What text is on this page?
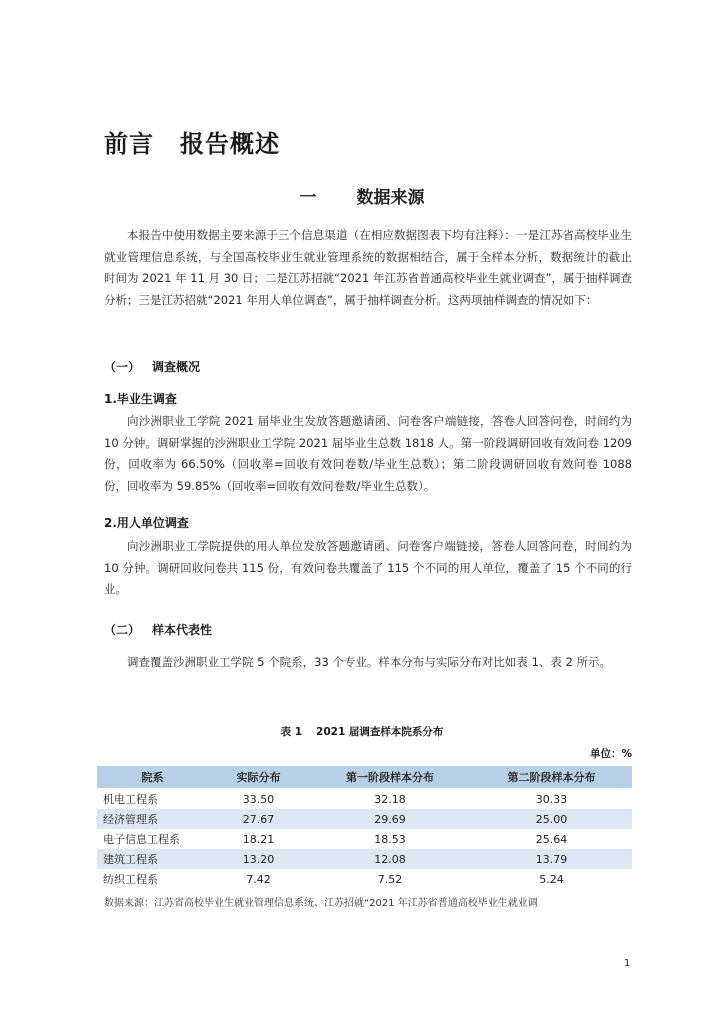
前言 报告概述
一 数据来源

本报告中使用数据主要来源于三个信息渠道（在相应数据图表下均有注释）：一是江苏省高校毕业生就业管理信息系统，与全国高校毕业生就业管理系统的数据相结合，属于全样本分析，数据统计的截止时间为 2021 年 11 月 30 日；二是江苏招就“2021 年江苏省普通高校毕业生就业调查”，属于抽样调查分析；三是江苏招就“2021 年用人单位调查”，属于抽样调查分析。这两项抽样调查的情况如下：

（一） 调查概况

1.毕业生调查

向沙洲职业工学院 2021 届毕业生发放答题邀请函、问卷客户端链接，答卷人回答问卷，时间约为 10 分钟。调研掌握的沙洲职业工学院 2021 届毕业生总数 1818 人。第一阶段调研回收有效问卷 1209 份，回收率为 66.50%（回收率=回收有效问卷数/毕业生总数）；第二阶段调研回收有效问卷 1088 份，回收率为 59.85%（回收率=回收有效问卷数/毕业生总数）。

2.用人单位调查

向沙洲职业工学院提供的用人单位发放答题邀请函、问卷客户端链接，答卷人回答问卷，时间约为 10 分钟。调研回收问卷共 115 份，有效问卷共覆盖了 115 个不同的用人单位，覆盖了 15 个不同的行业。

（二） 样本代表性

调查覆盖沙洲职业工学院 5 个院系，33 个专业。样本分布与实际分布对比如表 1、表 2 所示。

表 1 2021 届调查样本院系分布

单位：%

院系	实际分布	第一阶段样本分布	第二阶段样本分布
机电工程系	33.50	32.18	30.33
经济管理系	27.67	29.69	25.00
电子信息工程系	18.21	18.53	25.64
建筑工程系	13.20	12.08	13.79
纺织工程系	7.42	7.52	5.24

数据来源：江苏省高校毕业生就业管理信息系统、江苏招就“2021 年江苏省普通高校毕业生就业调

1
